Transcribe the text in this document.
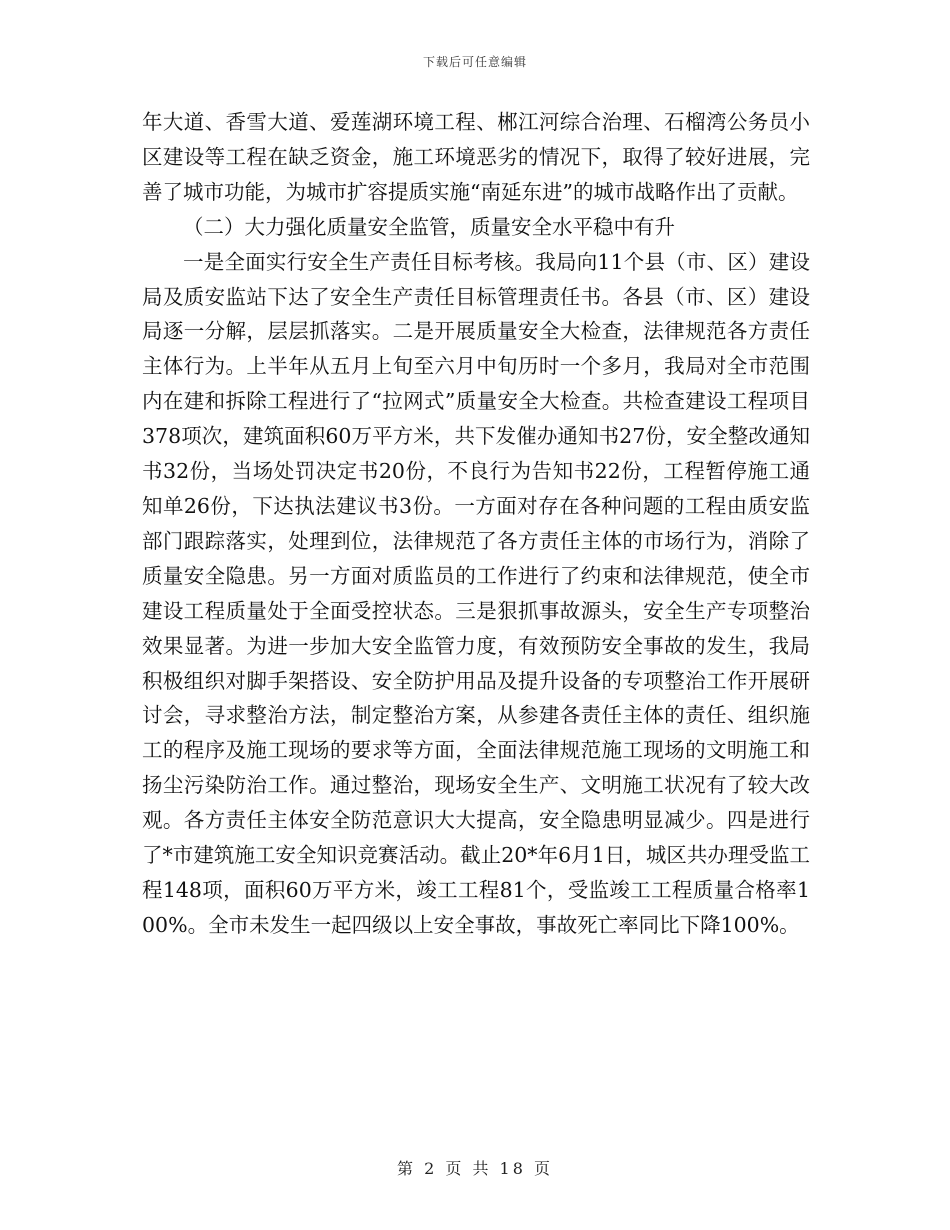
下载后可任意编辑

年大道、香雪大道、爱莲湖环境工程、郴江河综合治理、石榴湾公务员小区建设等工程在缺乏资金，施工环境恶劣的情况下，取得了较好进展，完善了城市功能，为城市扩容提质实施“南延东进”的城市战略作出了贡献。

（二）大力强化质量安全监管，质量安全水平稳中有升

一是全面实行安全生产责任目标考核。我局向11个县（市、区）建设局及质安监站下达了安全生产责任目标管理责任书。各县（市、区）建设局逐一分解，层层抓落实。二是开展质量安全大检查，法律规范各方责任主体行为。上半年从五月上旬至六月中旬历时一个多月，我局对全市范围内在建和拆除工程进行了“拉网式”质量安全大检查。共检查建设工程项目378项次，建筑面积60万平方米，共下发催办通知书27份，安全整改通知书32份，当场处罚决定书20份，不良行为告知书22份，工程暂停施工通知单26份，下达执法建议书3份。一方面对存在各种问题的工程由质安监部门跟踪落实，处理到位，法律规范了各方责任主体的市场行为，消除了质量安全隐患。另一方面对质监员的工作进行了约束和法律规范，使全市建设工程质量处于全面受控状态。三是狠抓事故源头，安全生产专项整治效果显著。为进一步加大安全监管力度，有效预防安全事故的发生，我局积极组织对脚手架搭设、安全防护用品及提升设备的专项整治工作开展研讨会，寻求整治方法，制定整治方案，从参建各责任主体的责任、组织施工的程序及施工现场的要求等方面，全面法律规范施工现场的文明施工和扬尘污染防治工作。通过整治，现场安全生产、文明施工状况有了较大改观。各方责任主体安全防范意识大大提高，安全隐患明显减少。四是进行了*市建筑施工安全知识竞赛活动。截止20*年6月1日，城区共办理受监工程148项，面积60万平方米，竣工工程81个，受监竣工工程质量合格率100%。全市未发生一起四级以上安全事故，事故死亡率同比下降100%。

第 2 页 共 18 页
